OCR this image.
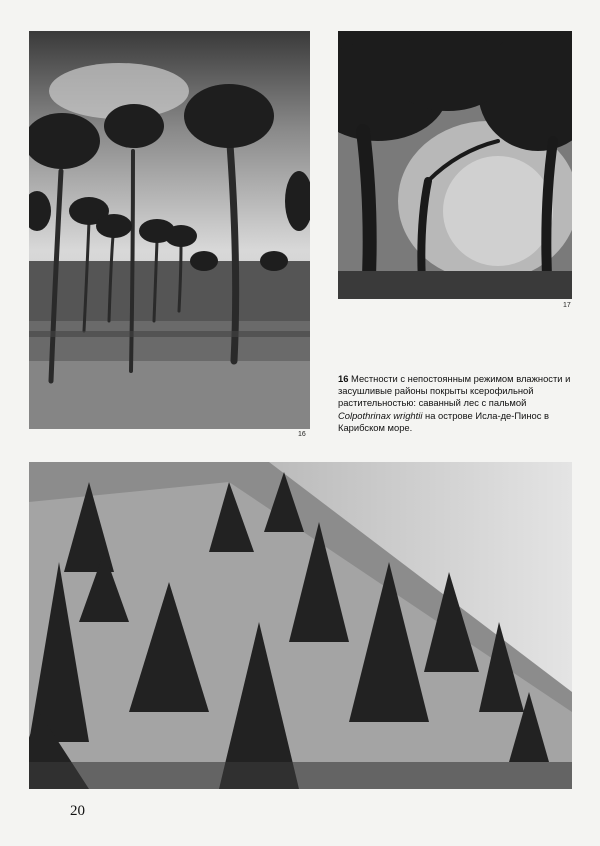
16
17
16 Местности с непостоянным режимом влажности и засушливые районы покрыты ксерофильной растительностью: саванный лес с пальмой Colpothrinax wrightii на острове Исла-де-Пинос в Карибском море.
20
